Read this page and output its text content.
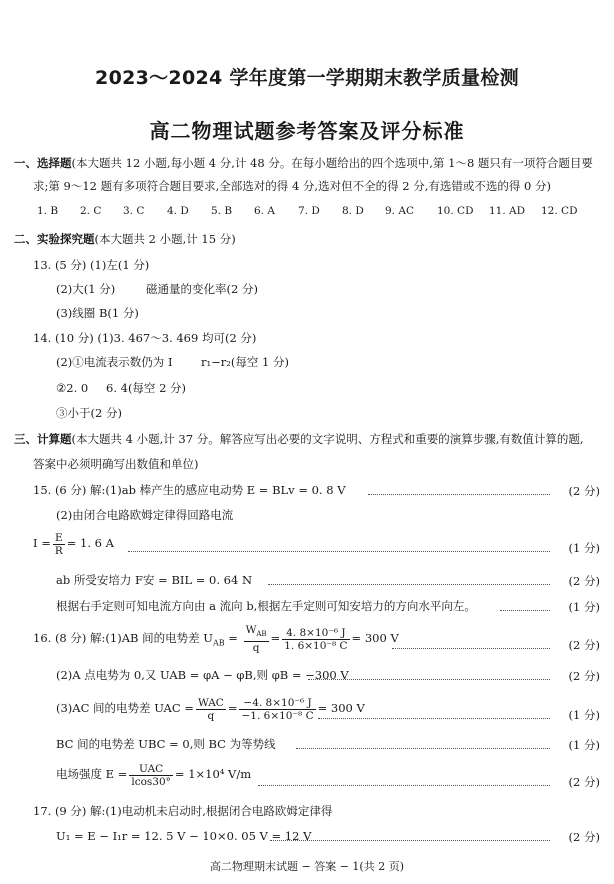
2023～2024 学年度第一学期期末教学质量检测
高二物理试题参考答案及评分标准
一、选择题(本大题共 12 小题,每小题 4 分,计 48 分。在每小题给出的四个选项中,第 1～8 题只有一项符合题目要
求;第 9～12 题有多项符合题目要求,全部选对的得 4 分,选对但不全的得 2 分,有选错或不选的得 0 分)
1. B 2. C 3. C 4. D 5. B 6. A 7. D 8. D 9. AC 10. CD 11. AD 12. CD
二、实验探究题(本大题共 2 小题,计 15 分)
13. (5 分) (1)左(1 分)
(2)大(1 分)	磁通量的变化率(2 分)
(3)线圈 B(1 分)
14. (10 分) (1)3. 467～3. 469 均可(2 分)
(2)①电流表示数仍为 I r₁−r₂(每空 1 分)
②2. 0 6. 4(每空 2 分)
③小于(2 分)
三、计算题(本大题共 4 小题,计 37 分。解答应写出必要的文字说明、方程式和重要的演算步骤,有数值计算的题,
答案中必须明确写出数值和单位)
15. (6 分) 解:(1)ab 棒产生的感应电动势 E = BLv = 0. 8 V	(2 分)
(2)由闭合电路欧姆定律得回路电流
$I = \frac{E}{R} = 1$. 6 A	(1 分)
ab 所受安培力 F安 = BIL = 0. 64 N	(2 分)
根据右手定则可知电流方向由 a 流向 b,根据左手定则可知安培力的方向水平向左。	(1 分)
16. (8 分) 解:(1)AB 间的电势差 $U_{AB} = \frac{W_{AB}}{q} = \frac{\text{4. 8×10⁻⁶ J}}{\text{1. 6×10⁻⁸ C}} = 300$ V	(2 分)
(2)A 点电势为 0,又 UAB = φA − φB,则 φB = −300 V	(2 分)
(3)AC 间的电势差 UAC = $\frac{\text{WAC}}{q} = \frac{\text{−4. 8×10⁻⁶ J}}{\text{−1. 6×10⁻⁸ C}} = 300$ V	(1 分)
BC 间的电势差 UBC = 0,则 BC 为等势线	(1 分)
电场强度 $E = \frac{\text{UAC}}{lcos30^\circ} = 1\times 10^4$ V/m
(2 分)
17. (9 分) 解:(1)电动机未启动时,根据闭合电路欧姆定律得
U₁ = E − I₁r = 12. 5 V − 10×0. 05 V = 12 V	(2 分)
高二物理期末试题 − 答案 − 1(共 2 页)
